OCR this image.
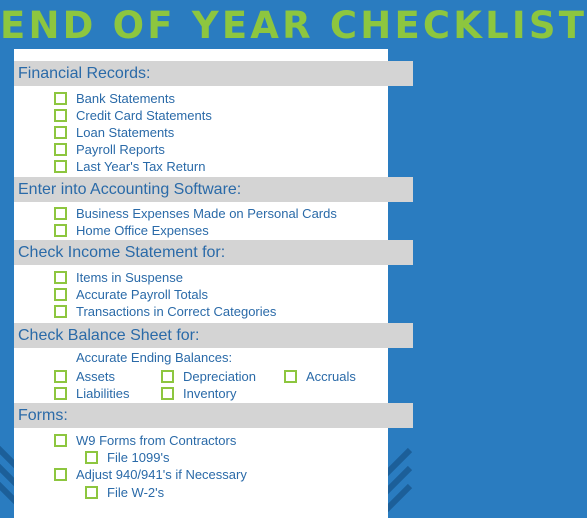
END OF YEAR CHECKLIST
Financial Records:
Bank Statements
Credit Card Statements
Loan Statements
Payroll Reports
Last Year's Tax Return
Enter into Accounting Software:
Business Expenses Made on Personal Cards
Home Office Expenses
Check Income Statement for:
Items in Suspense
Accurate Payroll Totals
Transactions in Correct Categories
Check Balance Sheet for:
Accurate Ending Balances:
Assets	Depreciation	Accruals
Liabilities	Inventory
Forms:
W9 Forms from Contractors
File 1099's
Adjust 940/941's if Necessary
File W-2's
